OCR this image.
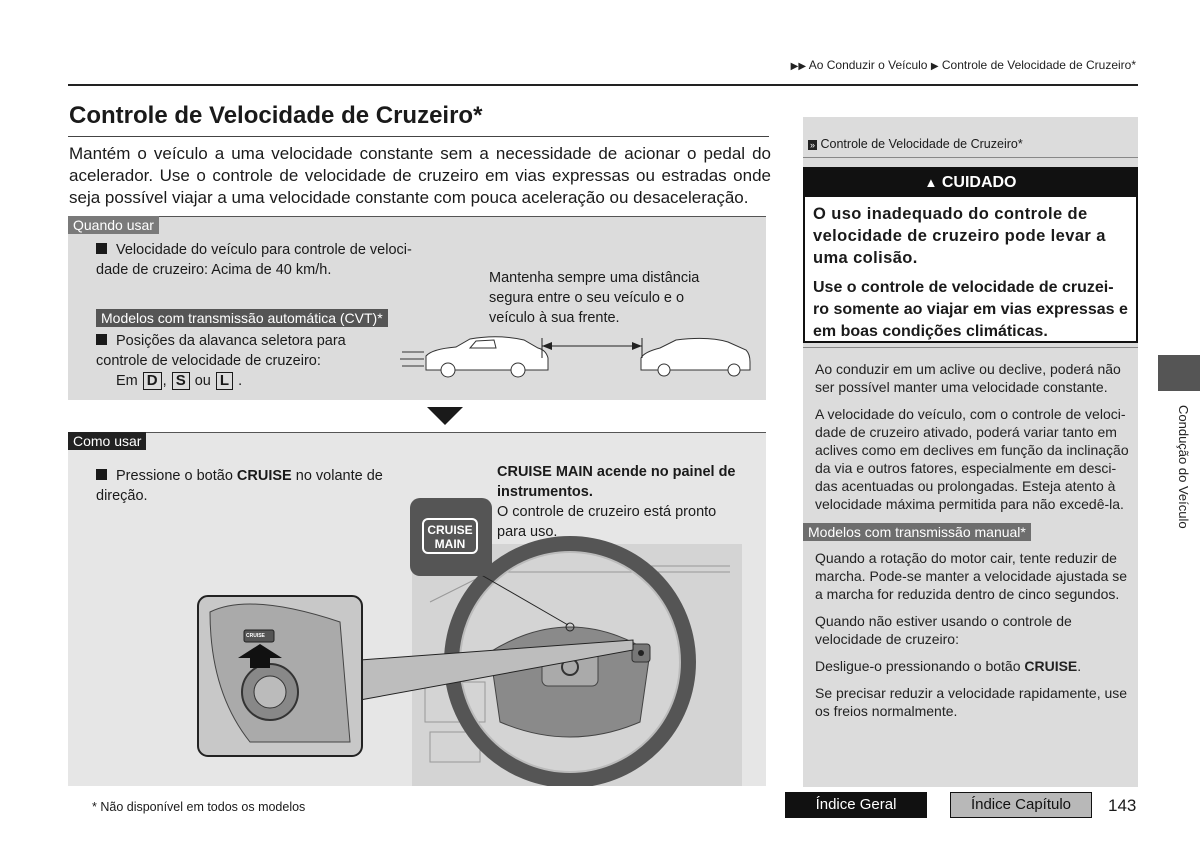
▶▶ Ao Conduzir o Veículo ▶ Controle de Velocidade de Cruzeiro*
Controle de Velocidade de Cruzeiro*
Mantém o veículo a uma velocidade constante sem a necessidade de acionar o pedal do acelerador. Use o controle de velocidade de cruzeiro em vias expressas ou estradas onde seja possível viajar a uma velocidade constante com pouca aceleração ou desaceleração.
Quando usar
Velocidade do veículo para controle de veloci-dade de cruzeiro: Acima de 40 km/h.
Modelos com transmissão automática (CVT)*
Posições da alavanca seletora para controle de velocidade de cruzeiro:
Em D , S ou L .
Mantenha sempre uma distância segura entre o seu veículo e o veículo à sua frente.
Como usar
Pressione o botão CRUISE no volante de direção.
CRUISE MAIN acende no painel de instrumentos.
O controle de cruzeiro está pronto para uso.
CRUISE
CRUISE
MAIN
* Não disponível em todos os modelos
» Controle de Velocidade de Cruzeiro*
▲ CUIDADO
O uso inadequado do controle de velocidade de cruzeiro pode levar a uma colisão.
Use o controle de velocidade de cruzei-ro somente ao viajar em vias expressas e em boas condições climáticas.
Ao conduzir em um aclive ou declive, poderá não ser possível manter uma velocidade constante.
A velocidade do veículo, com o controle de veloci-dade de cruzeiro ativado, poderá variar tanto em aclives como em declives em função da inclinação da via e outros fatores, especialmente em desci-das acentuadas ou prolongadas. Esteja atento à velocidade máxima permitida para não excedê-la.
Modelos com transmissão manual*
Quando a rotação do motor cair, tente reduzir de marcha. Pode-se manter a velocidade ajustada se a marcha for reduzida dentro de cinco segundos.
Quando não estiver usando o controle de velocidade de cruzeiro:
Desligue-o pressionando o botão CRUISE.
Se precisar reduzir a velocidade rapidamente, use os freios normalmente.
Condução do Veículo
Índice Geral	Índice Capítulo	143
